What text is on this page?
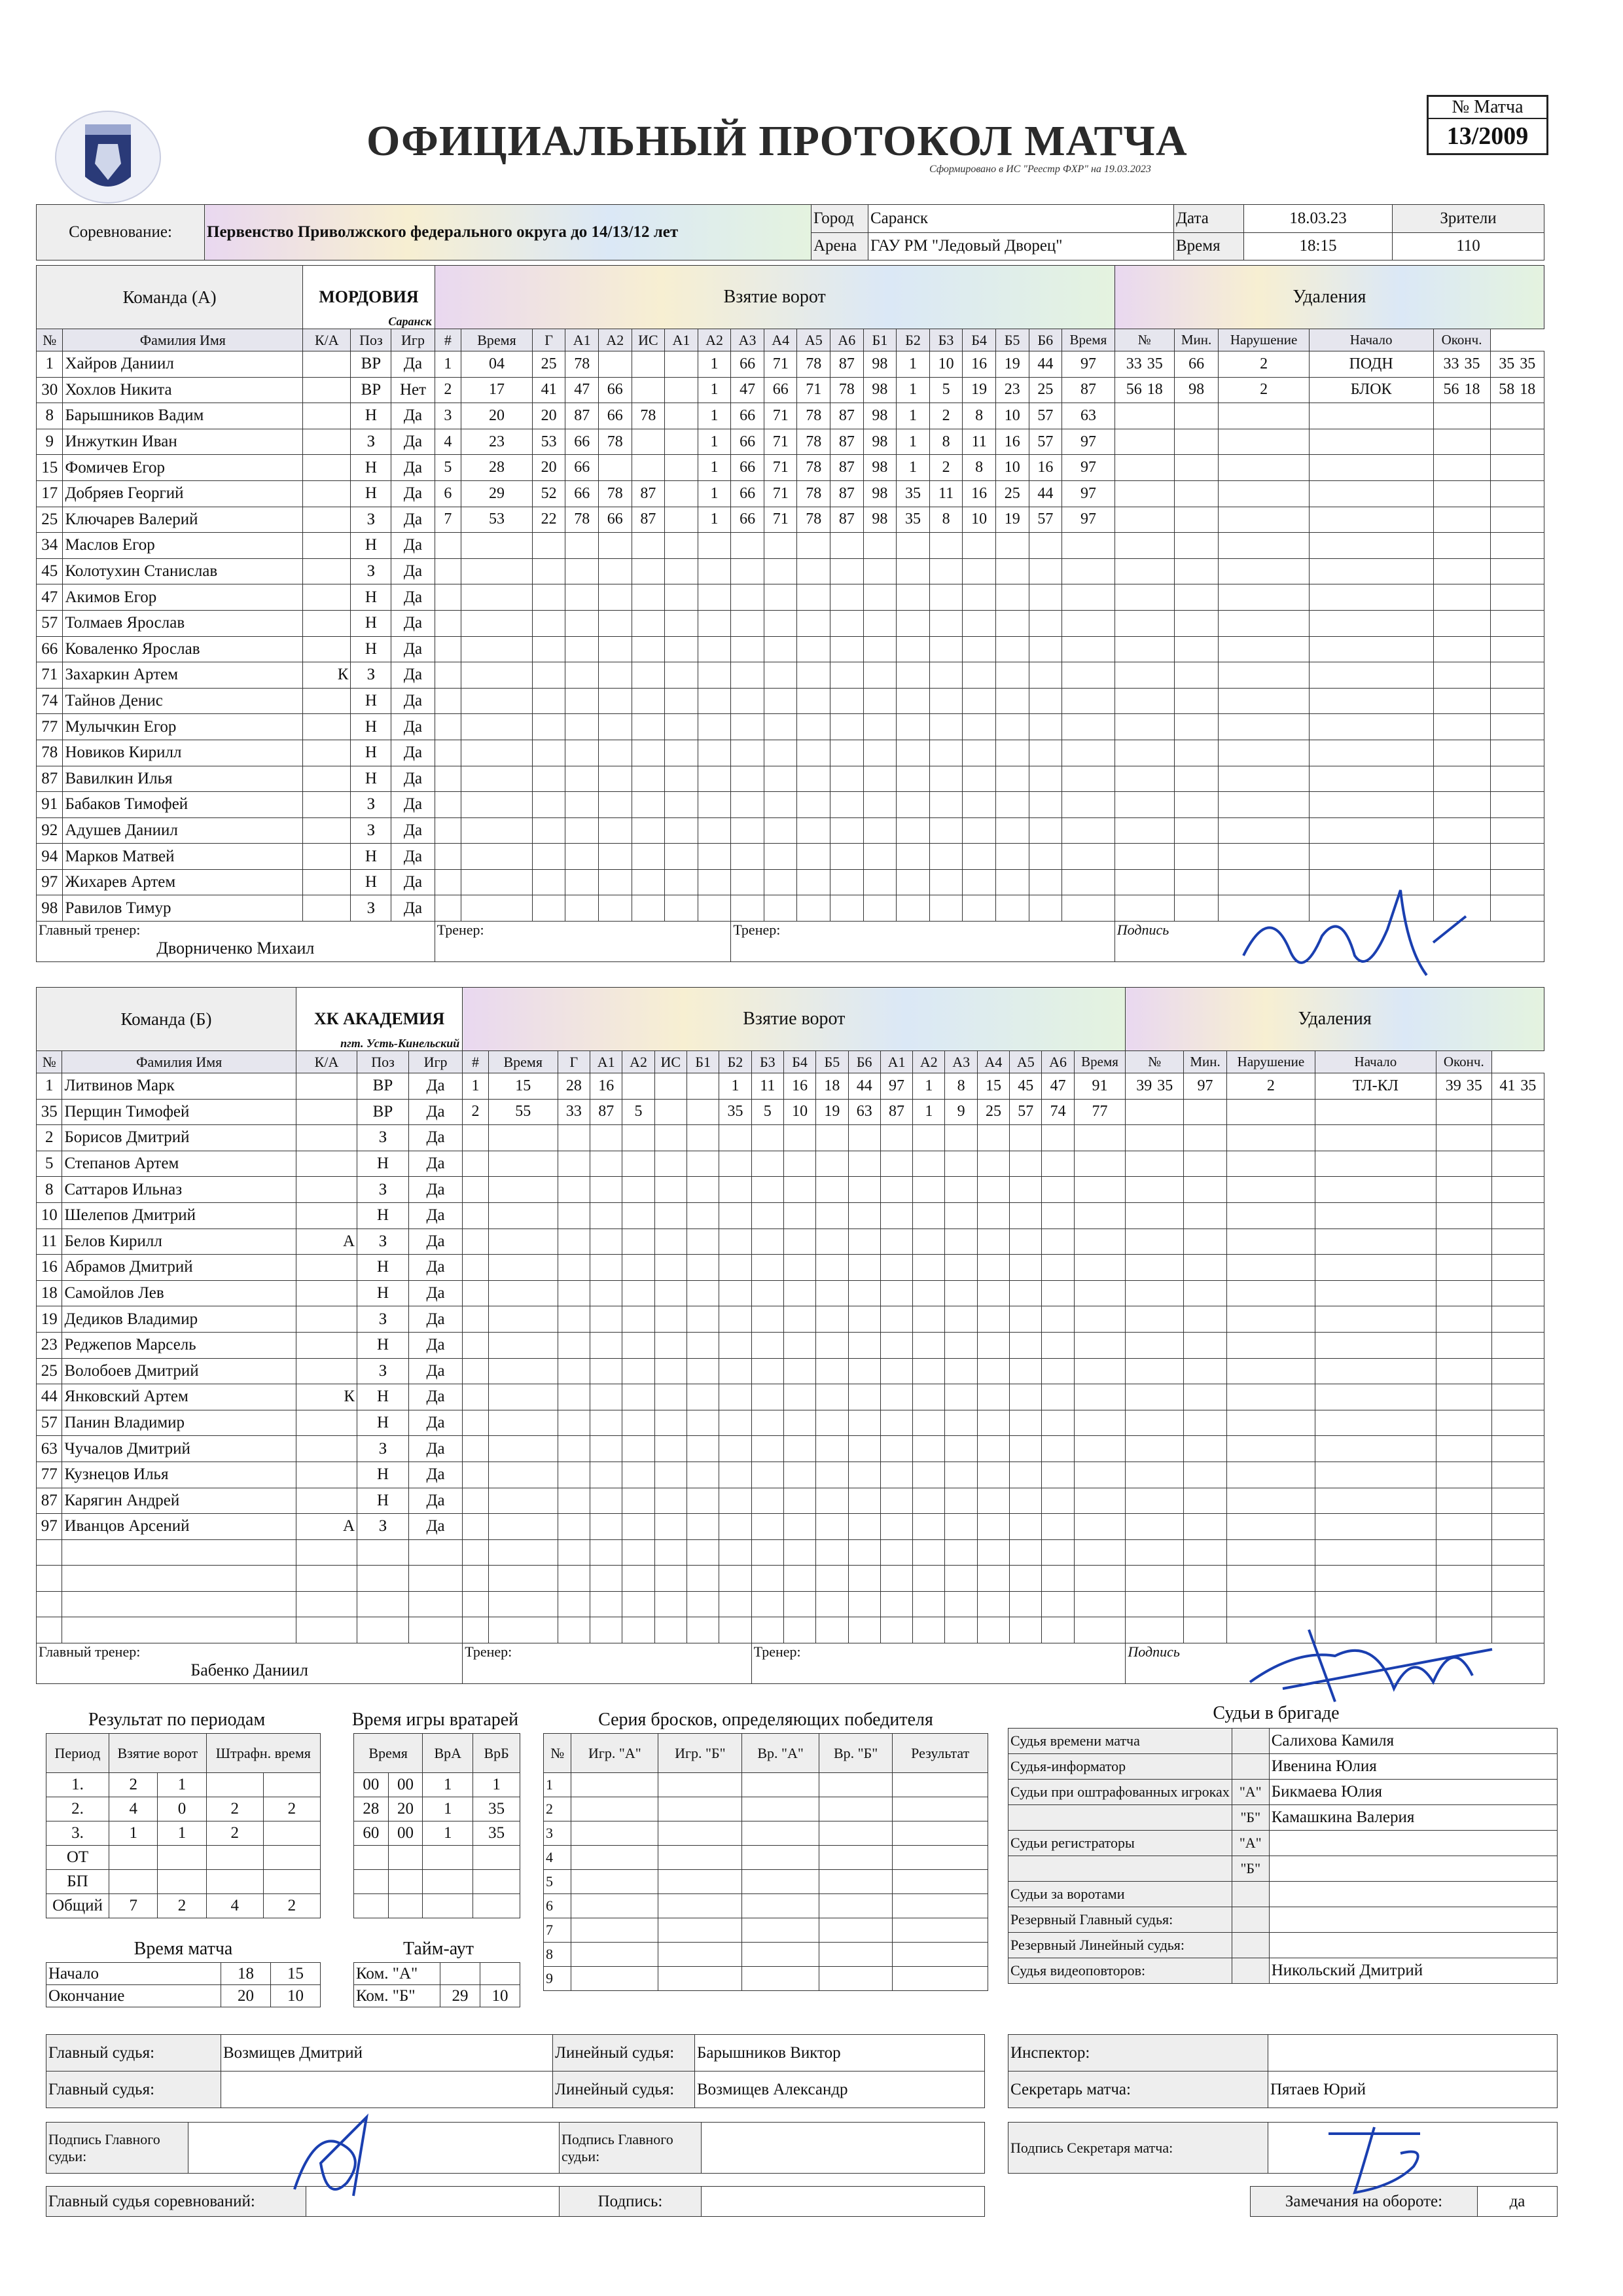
ОФИЦИАЛЬНЫЙ ПРОТОКОЛ МАТЧА
Сформировано в ИС "Реестр ФХР" на 19.03.2023
№ Матча
13/2009
Соревнование:	Первенство Приволжского федерального округа до 14/13/12 лет	Город	Саранск	Дата	18.03.23	Зрители
		Арена	ГАУ РМ "Ледовый Дворец"	Время	18:15	110
Команда (А)		МОРДОВИЯ
Саранск			Взятие ворот																			Удаления					
№	Фамилия Имя	К/А	Поз	Игр	#	Время	Г	А1	А2	ИС	А1	А2	А3	А4	А5	А6	Б1	Б2	Б3	Б4	Б5	Б6	Время	№	Мин.	Нарушение	Начало	Оконч.	
1	Хайров Даниил		ВР	Да	1	04	25	78				1	66	71	78	87	98	1	10	16	19	44	97	33 35	66	2	ПОДН	33 35	35 35
30	Хохлов Никита		ВР	Нет	2	17	41	47	66			1	47	66	71	78	98	1	5	19	23	25	87	56 18	98	2	БЛОК	56 18	58 18
8	Барышников Вадим		Н	Да	3	20	20	87	66	78		1	66	71	78	87	98	1	2	8	10	57	63						
9	Инжуткин Иван		З	Да	4	23	53	66	78			1	66	71	78	87	98	1	8	11	16	57	97						
15	Фомичев Егор		Н	Да	5	28	20	66				1	66	71	78	87	98	1	2	8	10	16	97						
17	Добряев Георгий		Н	Да	6	29	52	66	78	87		1	66	71	78	87	98	35	11	16	25	44	97						
25	Ключарев Валерий		З	Да	7	53	22	78	66	87		1	66	71	78	87	98	35	8	10	19	57	97						
34	Маслов Егор		Н	Да																									
45	Колотухин Станислав		З	Да																									
47	Акимов Егор		Н	Да																									
57	Толмаев Ярослав		Н	Да																									
66	Коваленко Ярослав		Н	Да																									
71	Захаркин Артем	К	З	Да																									
74	Тайнов Денис		Н	Да																									
77	Мулычкин Егор		Н	Да																									
78	Новиков Кирилл		Н	Да																									
87	Вавилкин Илья		Н	Да																									
91	Бабаков Тимофей		З	Да																									
92	Адушев Даниил		З	Да																									
94	Марков Матвей		Н	Да																									
97	Жихарев Артем		Н	Да																									
98	Равилов Тимур		З	Да																									

Главный тренер:
Дворниченко Михаил					Тренер:								Тренер:											Подпись					
Команда (Б)		ХК АКАДЕМИЯ
пгт. Усть-Кинельский			Взятие ворот																			Удаления					
№	Фамилия Имя	К/А	Поз	Игр	#	Время	Г	А1	А2	ИС	Б1	Б2	Б3	Б4	Б5	Б6	А1	А2	А3	А4	А5	А6	Время	№	Мин.	Нарушение	Начало	Оконч.	
1	Литвинов Марк		ВР	Да	1	15	28	16				1	11	16	18	44	97	1	8	15	45	47	91	39 35	97	2	ТЛ-КЛ	39 35	41 35
35	Перщин Тимофей		ВР	Да	2	55	33	87	5			35	5	10	19	63	87	1	9	25	57	74	77						
2	Борисов Дмитрий		З	Да																									
5	Степанов Артем		Н	Да																									
8	Саттаров Ильназ		З	Да																									
10	Шелепов Дмитрий		Н	Да																									
11	Белов Кирилл	А	З	Да																									
16	Абрамов Дмитрий		Н	Да																									
18	Самойлов Лев		Н	Да																									
19	Дедиков Владимир		З	Да																									
23	Реджепов Марсель		Н	Да																									
25	Волобоев Дмитрий		З	Да																									
44	Янковский Артем	К	Н	Да																									
57	Панин Владимир		Н	Да																									
63	Чучалов Дмитрий		З	Да																									
77	Кузнецов Илья		Н	Да																									
87	Карягин Андрей		Н	Да																									
97	Иванцов Арсений	А	З	Да																									

Главный тренер:
Бабенко Даниил					Тренер:								Тренер:											Подпись					
Результат по периодам
Период	Взятие ворот		Штрафн. время	
1.	2	1		
2.	4	0	2	2
3.	1	1	2	
ОТ				
БП				
Общий	7	2	4	2
Время игры вратарей
Время		ВрА	ВрБ
00	00	1	1
28	20	1	35
60	00	1	35

Серия бросков, определяющих победителя
№	Игр. "А"	Игр. "Б"	Вр. "А"	Вр. "Б"	Результат
1					
2					
3					
4					
5					
6					
7					
8					
9					
Время матча
Начало	18	15
Окончание	20	10
Тайм-аут
Ком. "А"		
Ком. "Б"	29	10
Судьи в бригаде
Судья времени матча		Салихова Камиля
Судья-информатор		Ивенина Юлия
Судьи при оштрафованных игроках	"А"	Бикмаева Юлия
	"Б"	Камашкина Валерия
Судьи регистраторы	"А"	
	"Б"	
Судьи за воротами		
Резервный Главный судья:		
Резервный Линейный судья:		
Судья видеоповторов:		Никольский Дмитрий
Главный судья:	Возмищев Дмитрий	Линейный судья:	Барышников Виктор
Главный судья:		Линейный судья:	Возмищев Александр
Инспектор:	
Секретарь матча:	Пятаев Юрий
Подпись Главного судьи:		Подпись Главного судьи:	
Подпись Секретаря матча:	
Главный судья соревнований:		Подпись:		Замечания на обороте:	да
